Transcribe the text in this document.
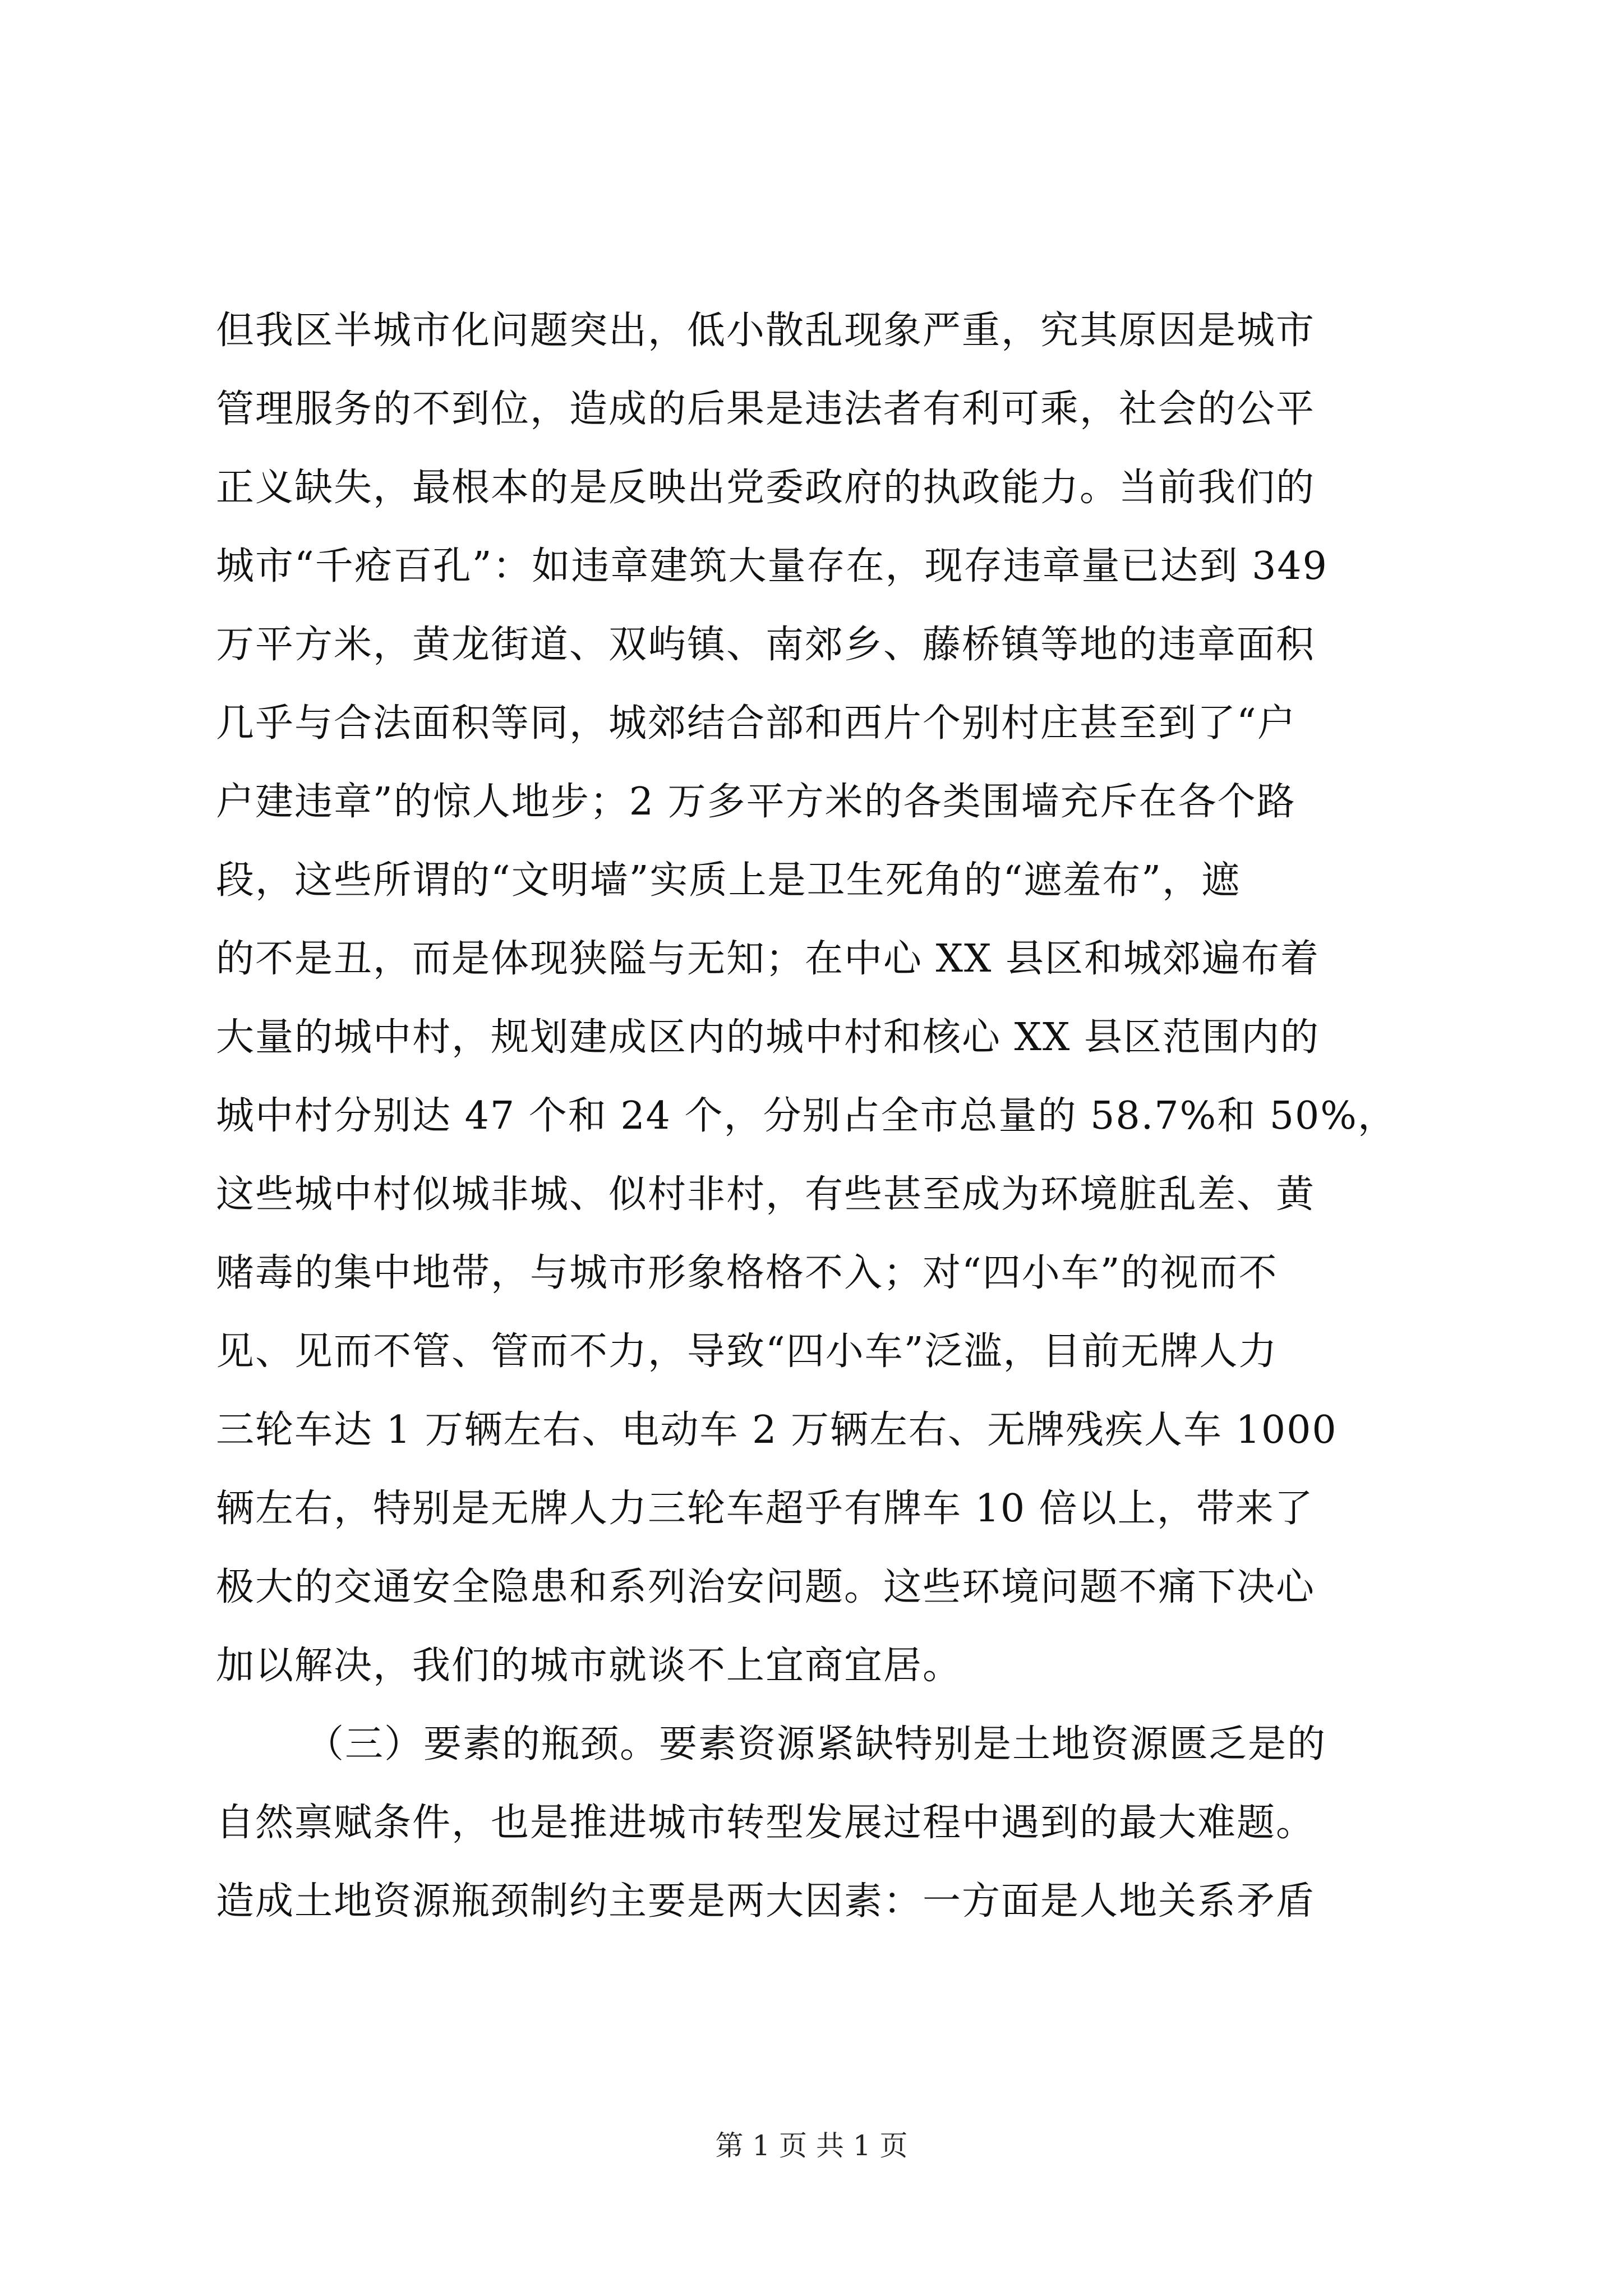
但我区半城市化问题突出，低小散乱现象严重，究其原因是城市
管理服务的不到位，造成的后果是违法者有利可乘，社会的公平
正义缺失，最根本的是反映出党委政府的执政能力。当前我们的
城市“千疮百孔”：如违章建筑大量存在，现存违章量已达到 349
万平方米，黄龙街道、双屿镇、南郊乡、藤桥镇等地的违章面积
几乎与合法面积等同，城郊结合部和西片个别村庄甚至到了“户
户建违章”的惊人地步；2 万多平方米的各类围墙充斥在各个路
段，这些所谓的“文明墙”实质上是卫生死角的“遮羞布”，遮
的不是丑，而是体现狭隘与无知；在中心 XX 县区和城郊遍布着
大量的城中村，规划建成区内的城中村和核心 XX 县区范围内的
城中村分别达 47 个和 24 个，分别占全市总量的 58.7%和 50%，
这些城中村似城非城、似村非村，有些甚至成为环境脏乱差、黄
赌毒的集中地带，与城市形象格格不入；对“四小车”的视而不
见、见而不管、管而不力，导致“四小车”泛滥，目前无牌人力
三轮车达 1 万辆左右、电动车 2 万辆左右、无牌残疾人车 1000
辆左右，特别是无牌人力三轮车超乎有牌车 10 倍以上，带来了
极大的交通安全隐患和系列治安问题。这些环境问题不痛下决心
加以解决，我们的城市就谈不上宜商宜居。
（三）要素的瓶颈。要素资源紧缺特别是土地资源匮乏是的
自然禀赋条件，也是推进城市转型发展过程中遇到的最大难题。
造成土地资源瓶颈制约主要是两大因素：一方面是人地关系矛盾
第 1 页 共 1 页
